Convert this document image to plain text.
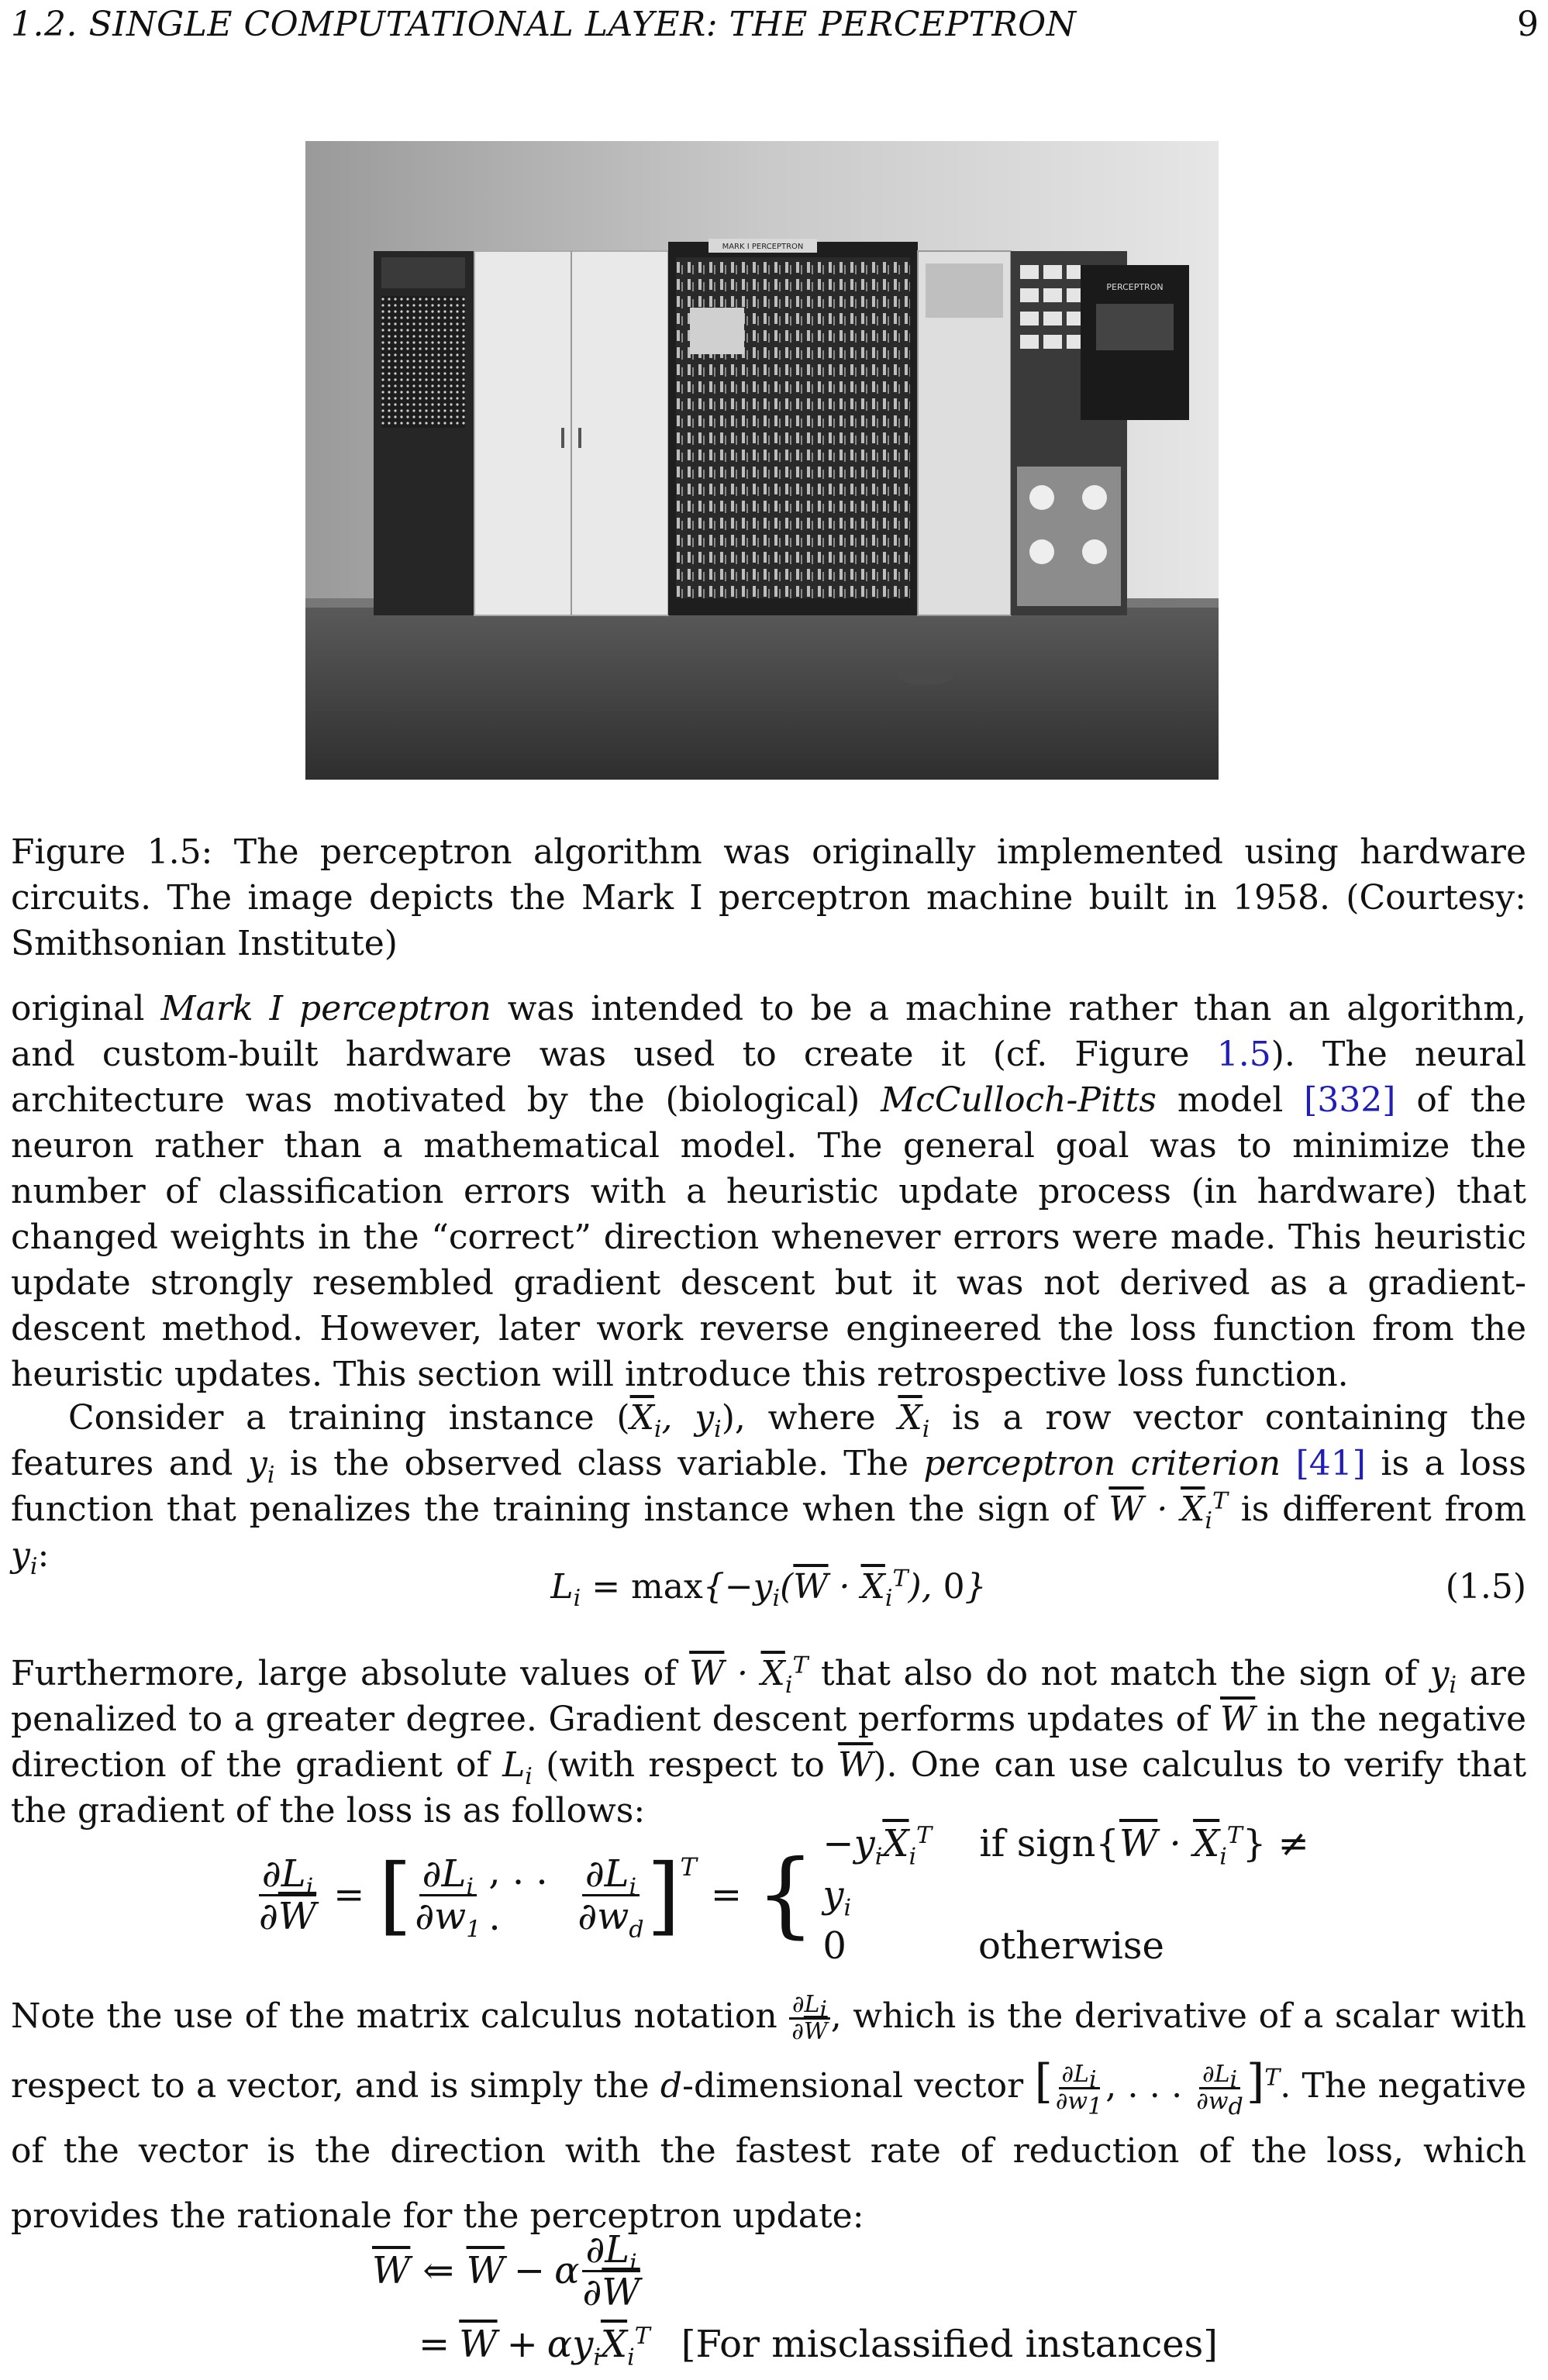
1.2. SINGLE COMPUTATIONAL LAYER: THE PERCEPTRON	9
MARK I PERCEPTRON
PERCEPTRON
Figure 1.5: The perceptron algorithm was originally implemented using hardware circuits. The image depicts the Mark I perceptron machine built in 1958. (Courtesy: Smithsonian Institute)
original Mark I perceptron was intended to be a machine rather than an algorithm, and custom-built hardware was used to create it (cf. Figure 1.5). The neural architecture was motivated by the (biological) McCulloch-Pitts model [332] of the neuron rather than a mathematical model. The general goal was to minimize the number of classification errors with a heuristic update process (in hardware) that changed weights in the “correct” direction whenever errors were made. This heuristic update strongly resembled gradient descent but it was not derived as a gradient-descent method. However, later work reverse engineered the loss function from the heuristic updates. This section will introduce this retrospective loss function.
Consider a training instance ($\overline{X}_i$, $y_i$), where $\overline{X}_i$ is a row vector containing the features and $y_i$ is the observed class variable. The perceptron criterion [41] is a loss function that penalizes the training instance when the sign of $\overline{W} \cdot \overline{X}_i^T$ is different from $y_i$:
$L_i = \max\{-y_i(\overline{W} \cdot \overline{X}_i^T)$, 0}	(1.5)
Furthermore, large absolute values of $\overline{W} \cdot \overline{X}_i^T$ that also do not match the sign of $y_i$ are penalized to a greater degree. Gradient descent performs updates of $\overline{W}$ in the negative direction of the gradient of $L_i$ (with respect to $\overline{W}$). One can use calculus to verify that the gradient of the loss is as follows:
$\frac{\partial L_i}{\partial\overline{W}}$ = [ $\frac{\partial L_i}{\partial w_1}$ , . . .	$\frac{\partial L_i}{\partial w_d}$ ] T
= { $-y_i\overline{X}_i^T$ if $sign\{\overline{W} \cdot \overline{X}_i^T\} \ne y_i$
0	otherwise
Note the use of the matrix calculus notation $\frac{\partial L_i}{\partial\overline{W}}$ , which is the derivative of a scalar with respect to a vector, and is simply the d-dimensional vector [ $\frac{\partial L_i}{\partial w_1}$ , . . . $\frac{\partial L_i}{\partial w_d} ]^T$. The negative of the vector is the direction with the fastest rate of reduction of the loss, which provides the rationale for the perceptron update:
$\overline{W}$ ⇐ $\overline{W} - \alpha \frac{\partial L_i}{\partial\overline{W}}$
= $\overline{W} + \alpha y_i\overline{X}_i^T$ [For misclassified instances]
